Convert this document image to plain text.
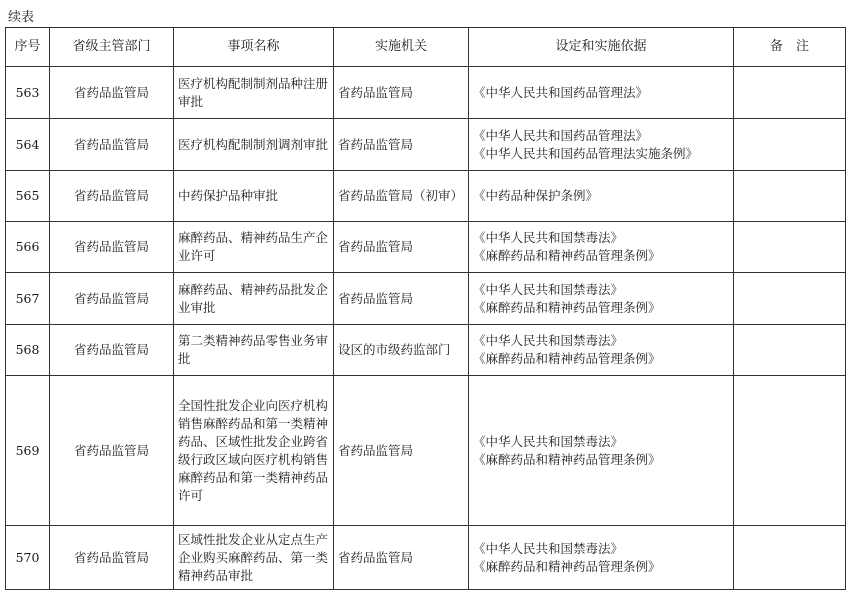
续表
序号	省级主管部门	事项名称	实施机关	设定和实施依据	备　注
563	省药品监管局	医疗机构配制制剂品种注册审批	省药品监管局	《中华人民共和国药品管理法》	

564	省药品监管局	医疗机构配制制剂调剂审批	省药品监管局	《中华人民共和国药品管理法》
《中华人民共和国药品管理法实施条例》	

565	省药品监管局	中药保护品种审批	省药品监管局（初审）	《中药品种保护条例》	

566	省药品监管局	麻醉药品、精神药品生产企业许可	省药品监管局	《中华人民共和国禁毒法》
《麻醉药品和精神药品管理条例》	

567	省药品监管局	麻醉药品、精神药品批发企业审批	省药品监管局	《中华人民共和国禁毒法》
《麻醉药品和精神药品管理条例》	

568	省药品监管局	第二类精神药品零售业务审批	设区的市级药监部门	《中华人民共和国禁毒法》
《麻醉药品和精神药品管理条例》	

569	省药品监管局	全国性批发企业向医疗机构销售麻醉药品和第一类精神药品、区域性批发企业跨省级行政区域向医疗机构销售麻醉药品和第一类精神药品许可	省药品监管局	《中华人民共和国禁毒法》
《麻醉药品和精神药品管理条例》	

570	省药品监管局	区域性批发企业从定点生产企业购买麻醉药品、第一类精神药品审批	省药品监管局	《中华人民共和国禁毒法》
《麻醉药品和精神药品管理条例》	
